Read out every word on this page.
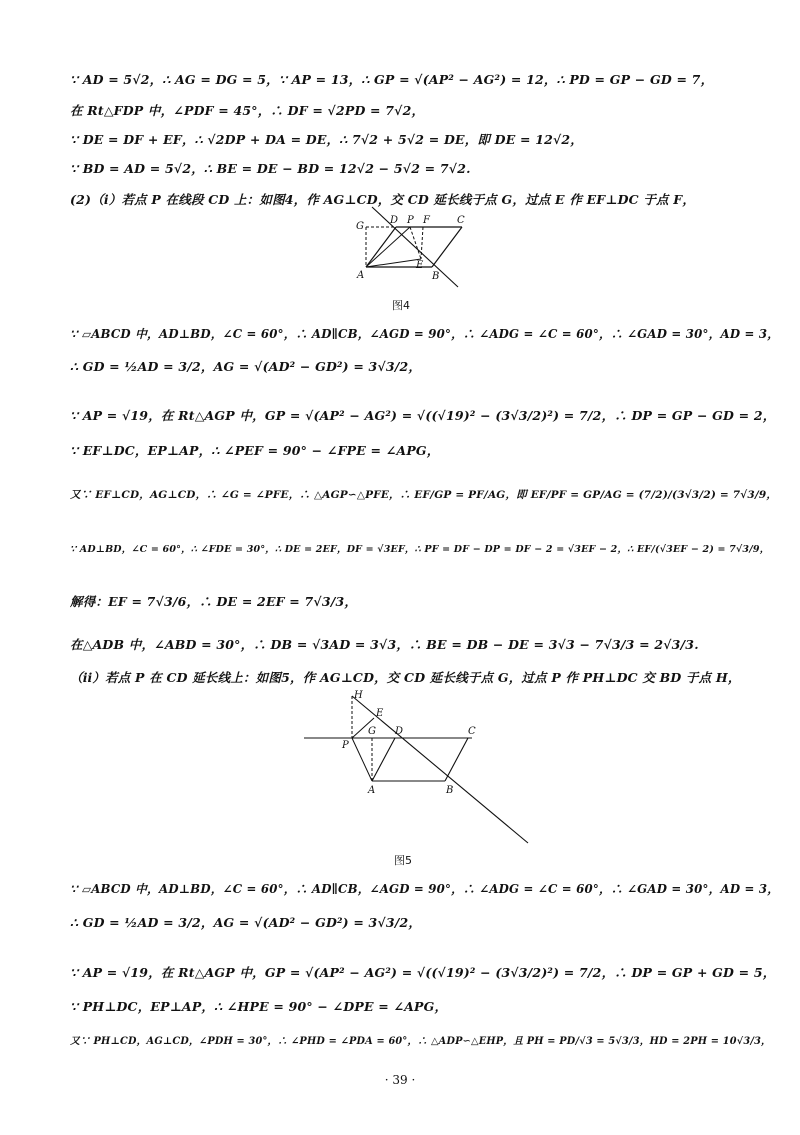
∵ AD = 5√2，∴ AG = DG = 5，∵ AP = 13，∴ GP = √(AP² − AG²) = 12，∴ PD = GP − GD = 7，
在 Rt△FDP 中，∠PDF = 45°，∴ DF = √2PD = 7√2，
∵ DE = DF + EF，∴ √2DP + DA = DE，∴ 7√2 + 5√2 = DE，即 DE = 12√2，
∵ BD = AD = 5√2，∴ BE = DE − BD = 12√2 − 5√2 = 7√2.
(2)（ⅰ）若点 P 在线段 CD 上：如图4，作 AG⊥CD，交 CD 延长线于点 G，过点 E 作 EF⊥DC 于点 F，
G
D P F	C
A
E
B
图4
∵ ▱ABCD 中，AD⊥BD，∠C = 60°，∴ AD∥CB，∠AGD = 90°，∴ ∠ADG = ∠C = 60°，∴ ∠GAD = 30°，AD = 3，
∴ GD = ½AD = 3/2，AG = √(AD² − GD²) = 3√3/2，
∵ AP = √19，在 Rt△AGP 中，GP = √(AP² − AG²) = √((√19)² − (3√3/2)²) = 7/2，∴ DP = GP − GD = 2，
∵ EF⊥DC，EP⊥AP，∴ ∠PEF = 90° − ∠FPE = ∠APG，
又∵ EF⊥CD，AG⊥CD，∴ ∠G = ∠PFE，∴ △AGP∽△PFE，∴ EF/GP = PF/AG，即 EF/PF = GP/AG = (7/2)/(3√3/2) = 7√3/9，
∵ AD⊥BD，∠C = 60°，∴ ∠FDE = 30°，∴ DE = 2EF，DF = √3EF，∴ PF = DF − DP = DF − 2 = √3EF − 2，∴ EF/(√3EF − 2) = 7√3/9，
解得：EF = 7√3/6，∴ DE = 2EF = 7√3/3，
在△ADB 中，∠ABD = 30°，∴ DB = √3AD = 3√3，∴ BE = DB − DE = 3√3 − 7√3/3 = 2√3/3.
（ⅱ）若点 P 在 CD 延长线上：如图5，作 AG⊥CD，交 CD 延长线于点 G，过点 P 作 PH⊥DC 交 BD 于点 H，
H
E
P
G D	C
A	B
图5
∵ ▱ABCD 中，AD⊥BD，∠C = 60°，∴ AD∥CB，∠AGD = 90°，∴ ∠ADG = ∠C = 60°，∴ ∠GAD = 30°，AD = 3，
∴ GD = ½AD = 3/2，AG = √(AD² − GD²) = 3√3/2，
∵ AP = √19，在 Rt△AGP 中，GP = √(AP² − AG²) = √((√19)² − (3√3/2)²) = 7/2，∴ DP = GP + GD = 5，
∵ PH⊥DC，EP⊥AP，∴ ∠HPE = 90° − ∠DPE = ∠APG，
又∵ PH⊥CD，AG⊥CD，∠PDH = 30°，∴ ∠PHD = ∠PDA = 60°，∴ △ADP∽△EHP，且 PH = PD/√3 = 5√3/3，HD = 2PH = 10√3/3，
· 39 ·
